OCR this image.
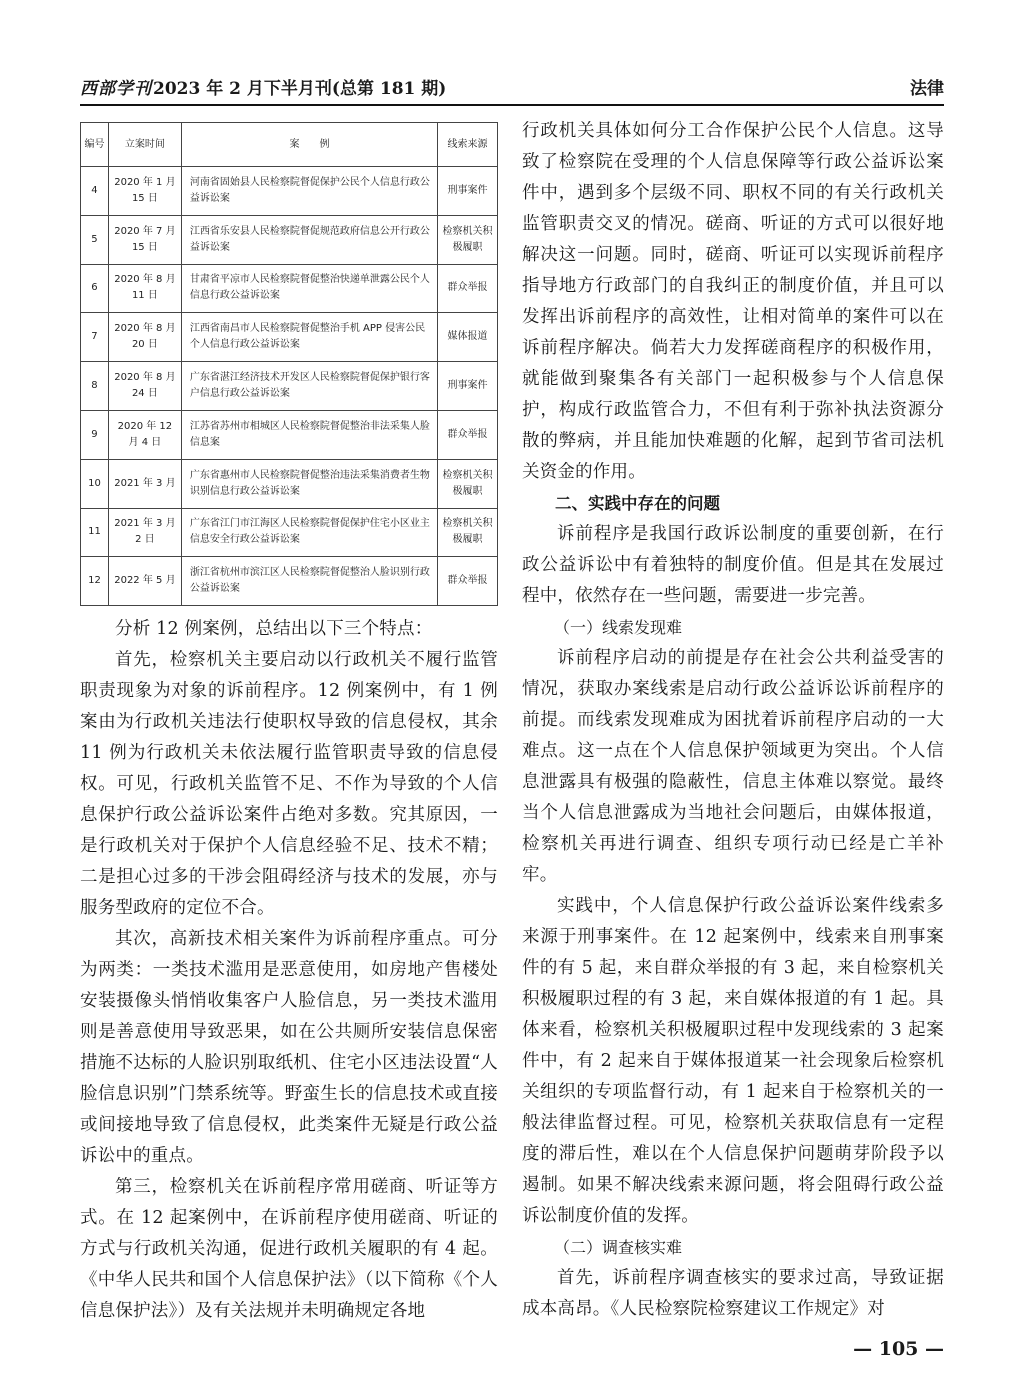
西部学刊2023 年 2 月下半月刊(总第 181 期)	法律
编号	立案时间	案　　例	线索来源
4	2020 年 1 月 15 日	河南省固始县人民检察院督促保护公民个人信息行政公益诉讼案	刑事案件
5	2020 年 7 月 15 日	江西省乐安县人民检察院督促规范政府信息公开行政公益诉讼案	检察机关积极履职
6	2020 年 8 月 11 日	甘肃省平凉市人民检察院督促整治快递单泄露公民个人信息行政公益诉讼案	群众举报
7	2020 年 8 月 20 日	江西省南昌市人民检察院督促整治手机 APP 侵害公民个人信息行政公益诉讼案	媒体报道
8	2020 年 8 月 24 日	广东省湛江经济技术开发区人民检察院督促保护银行客户信息行政公益诉讼案	刑事案件
9	2020 年 12 月 4 日	江苏省苏州市相城区人民检察院督促整治非法采集人脸信息案	群众举报
10	2021 年 3 月	广东省惠州市人民检察院督促整治违法采集消费者生物识别信息行政公益诉讼案	检察机关积极履职
11	2021 年 3 月 2 日	广东省江门市江海区人民检察院督促保护住宅小区业主信息安全行政公益诉讼案	检察机关积极履职
12	2022 年 5 月	浙江省杭州市滨江区人民检察院督促整治人脸识别行政公益诉讼案	群众举报

分析 12 例案例，总结出以下三个特点：

首先，检察机关主要启动以行政机关不履行监管职责现象为对象的诉前程序。12 例案例中，有 1 例案由为行政机关违法行使职权导致的信息侵权，其余 11 例为行政机关未依法履行监管职责导致的信息侵权。可见，行政机关监管不足、不作为导致的个人信息保护行政公益诉讼案件占绝对多数。究其原因，一是行政机关对于保护个人信息经验不足、技术不精；二是担心过多的干涉会阻碍经济与技术的发展，亦与服务型政府的定位不合。

其次，高新技术相关案件为诉前程序重点。可分为两类：一类技术滥用是恶意使用，如房地产售楼处安装摄像头悄悄收集客户人脸信息，另一类技术滥用则是善意使用导致恶果，如在公共厕所安装信息保密措施不达标的人脸识别取纸机、住宅小区违法设置“人脸信息识别”门禁系统等。野蛮生长的信息技术或直接或间接地导致了信息侵权，此类案件无疑是行政公益诉讼中的重点。

第三，检察机关在诉前程序常用磋商、听证等方式。在 12 起案例中，在诉前程序使用磋商、听证的方式与行政机关沟通，促进行政机关履职的有 4 起。《中华人民共和国个人信息保护法》（以下简称《个人信息保护法》）及有关法规并未明确规定各地

行政机关具体如何分工合作保护公民个人信息。这导致了检察院在受理的个人信息保障等行政公益诉讼案件中，遇到多个层级不同、职权不同的有关行政机关监管职责交叉的情况。磋商、听证的方式可以很好地解决这一问题。同时，磋商、听证可以实现诉前程序指导地方行政部门的自我纠正的制度价值，并且可以发挥出诉前程序的高效性，让相对简单的案件可以在诉前程序解决。倘若大力发挥磋商程序的积极作用，就能做到聚集各有关部门一起积极参与个人信息保护，构成行政监管合力，不但有利于弥补执法资源分散的弊病，并且能加快难题的化解，起到节省司法机关资金的作用。

二、实践中存在的问题

诉前程序是我国行政诉讼制度的重要创新，在行政公益诉讼中有着独特的制度价值。但是其在发展过程中，依然存在一些问题，需要进一步完善。

（一）线索发现难

诉前程序启动的前提是存在社会公共利益受害的情况，获取办案线索是启动行政公益诉讼诉前程序的前提。而线索发现难成为困扰着诉前程序启动的一大难点。这一点在个人信息保护领域更为突出。个人信息泄露具有极强的隐蔽性，信息主体难以察觉。最终当个人信息泄露成为当地社会问题后，由媒体报道，检察机关再进行调查、组织专项行动已经是亡羊补牢。

实践中，个人信息保护行政公益诉讼案件线索多来源于刑事案件。在 12 起案例中，线索来自刑事案件的有 5 起，来自群众举报的有 3 起，来自检察机关积极履职过程的有 3 起，来自媒体报道的有 1 起。具体来看，检察机关积极履职过程中发现线索的 3 起案件中，有 2 起来自于媒体报道某一社会现象后检察机关组织的专项监督行动，有 1 起来自于检察机关的一般法律监督过程。可见，检察机关获取信息有一定程度的滞后性，难以在个人信息保护问题萌芽阶段予以遏制。如果不解决线索来源问题，将会阻碍行政公益诉讼制度价值的发挥。

（二）调查核实难

首先，诉前程序调查核实的要求过高，导致证据成本高昂。《人民检察院检察建议工作规定》对

— 105 —
